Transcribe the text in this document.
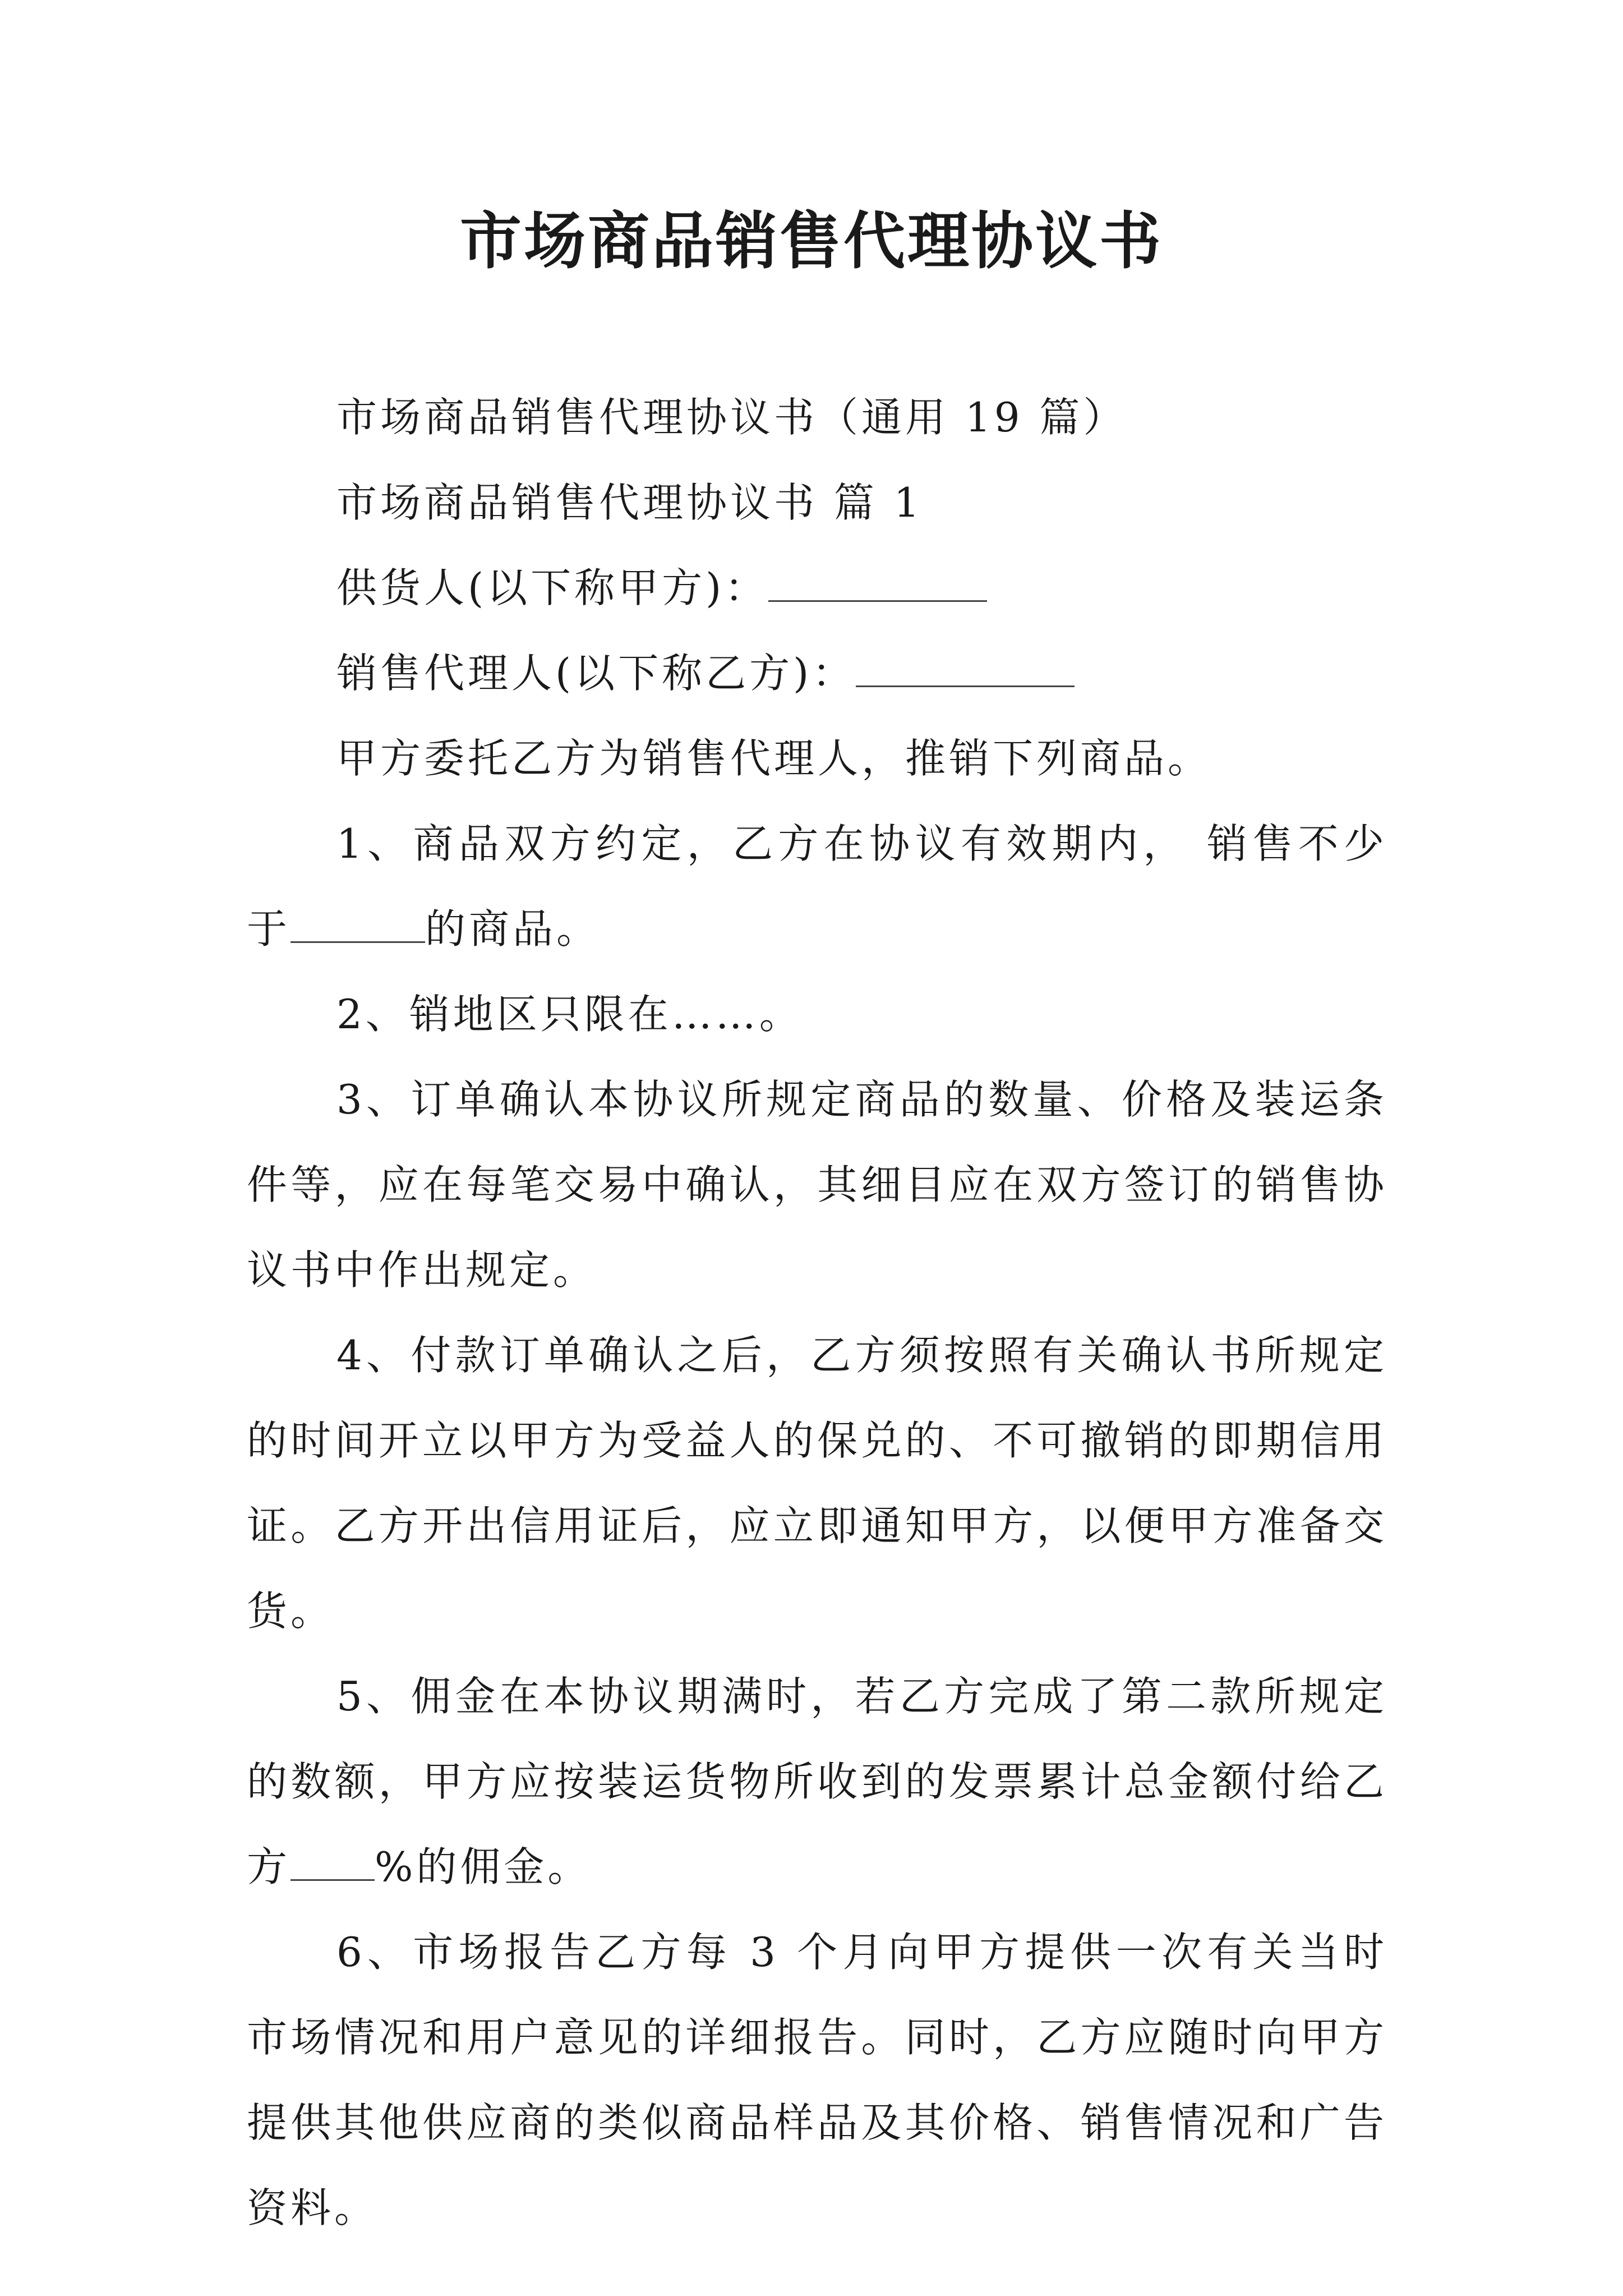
市场商品销售代理协议书

市场商品销售代理协议书（通用 19 篇）

市场商品销售代理协议书 篇 1

供货人(以下称甲方)：

销售代理人(以下称乙方)：

甲方委托乙方为销售代理人，推销下列商品。

1、商品双方约定，乙方在协议有效期内， 销售不少于	的商品。

2、销地区只限在……。

3、订单确认本协议所规定商品的数量、价格及装运条件等，应在每笔交易中确认，其细目应在双方签订的销售协议书中作出规定。

4、付款订单确认之后，乙方须按照有关确认书所规定的时间开立以甲方为受益人的保兑的、不可撤销的即期信用证。乙方开出信用证后，应立即通知甲方，以便甲方准备交货。

5、佣金在本协议期满时，若乙方完成了第二款所规定的数额，甲方应按装运货物所收到的发票累计总金额付给乙方 %的佣金。

6、市场报告乙方每 3 个月向甲方提供一次有关当时市场情况和用户意见的详细报告。同时，乙方应随时向甲方提供其他供应商的类似商品样品及其价格、销售情况和广告资料。
